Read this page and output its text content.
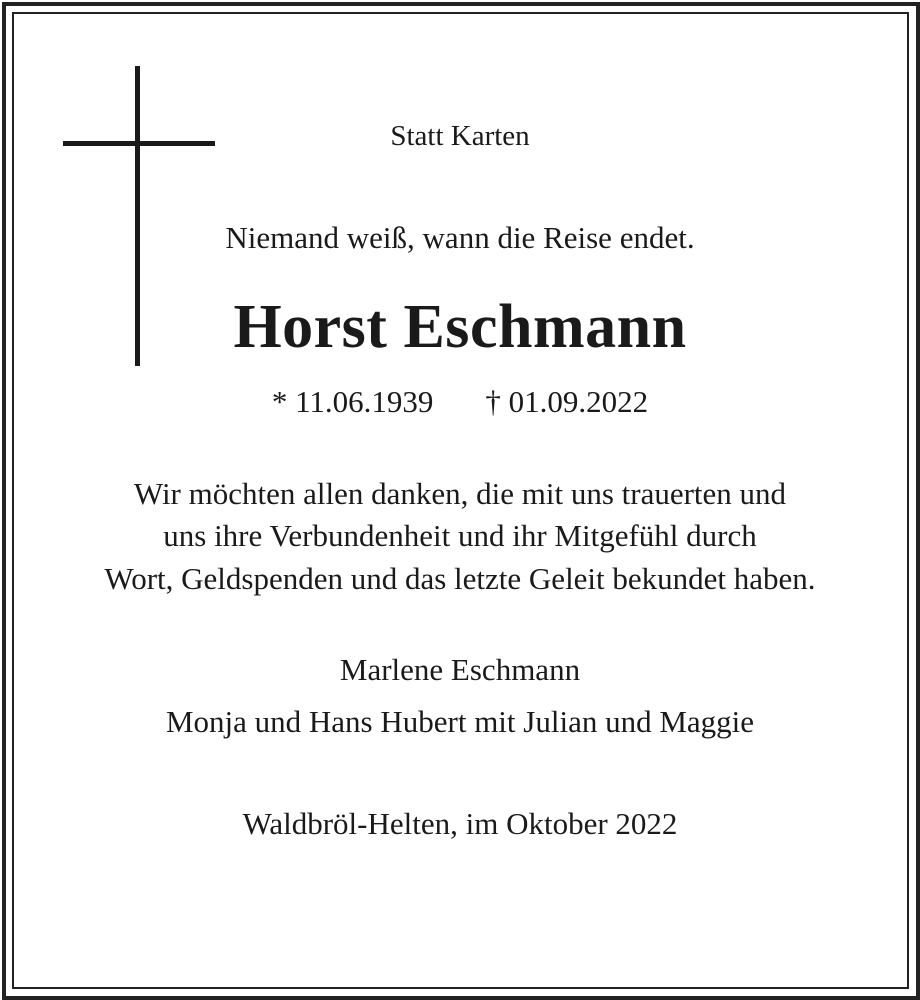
Statt Karten
Niemand weiß, wann die Reise endet.
Horst Eschmann
* 11.06.1939 † 01.09.2022
Wir möchten allen danken, die mit uns trauerten und
uns ihre Verbundenheit und ihr Mitgefühl durch
Wort, Geldspenden und das letzte Geleit bekundet haben.
Marlene Eschmann
Monja und Hans Hubert mit Julian und Maggie
Waldbröl-Helten, im Oktober 2022
